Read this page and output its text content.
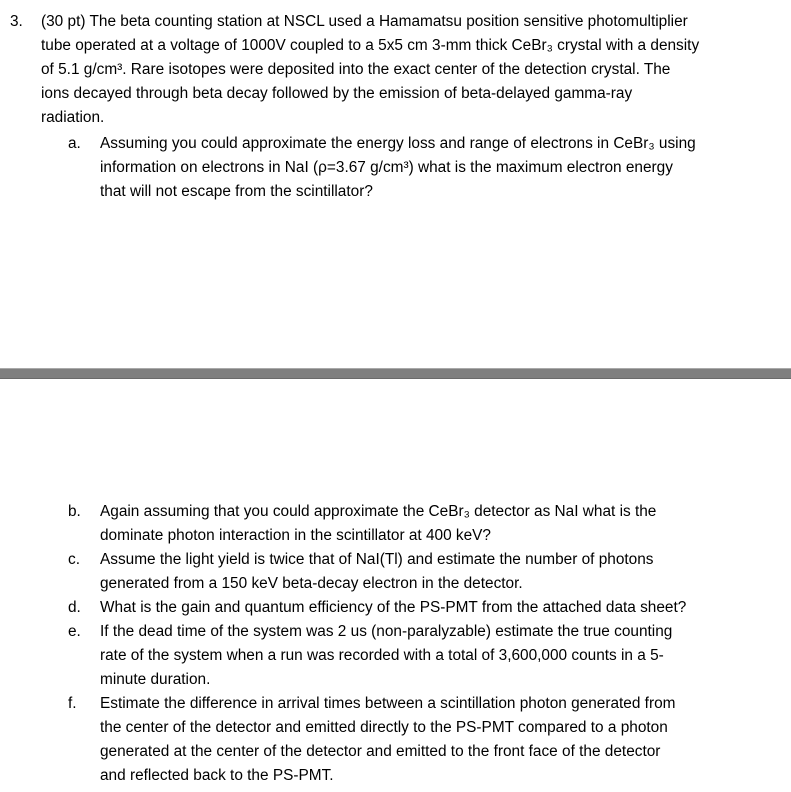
3. (30 pt) The beta counting station at NSCL used a Hamamatsu position sensitive photomultiplier
tube operated at a voltage of 1000V coupled to a 5x5 cm 3-mm thick CeBr₃ crystal with a density
of 5.1 g/cm³. Rare isotopes were deposited into the exact center of the detection crystal. The
ions decayed through beta decay followed by the emission of beta-delayed gamma-ray
radiation.
a.	Assuming you could approximate the energy loss and range of electrons in CeBr₃ using
information on electrons in NaI (ρ=3.67 g/cm³) what is the maximum electron energy
that will not escape from the scintillator?
b.	Again assuming that you could approximate the CeBr₃ detector as NaI what is the
dominate photon interaction in the scintillator at 400 keV?
c.	Assume the light yield is twice that of NaI(Tl) and estimate the number of photons
generated from a 150 keV beta-decay electron in the detector.
d.	What is the gain and quantum efficiency of the PS-PMT from the attached data sheet?
e.	If the dead time of the system was 2 us (non-paralyzable) estimate the true counting
rate of the system when a run was recorded with a total of 3,600,000 counts in a 5-
minute duration.
f.	Estimate the difference in arrival times between a scintillation photon generated from
the center of the detector and emitted directly to the PS-PMT compared to a photon
generated at the center of the detector and emitted to the front face of the detector
and reflected back to the PS-PMT.
